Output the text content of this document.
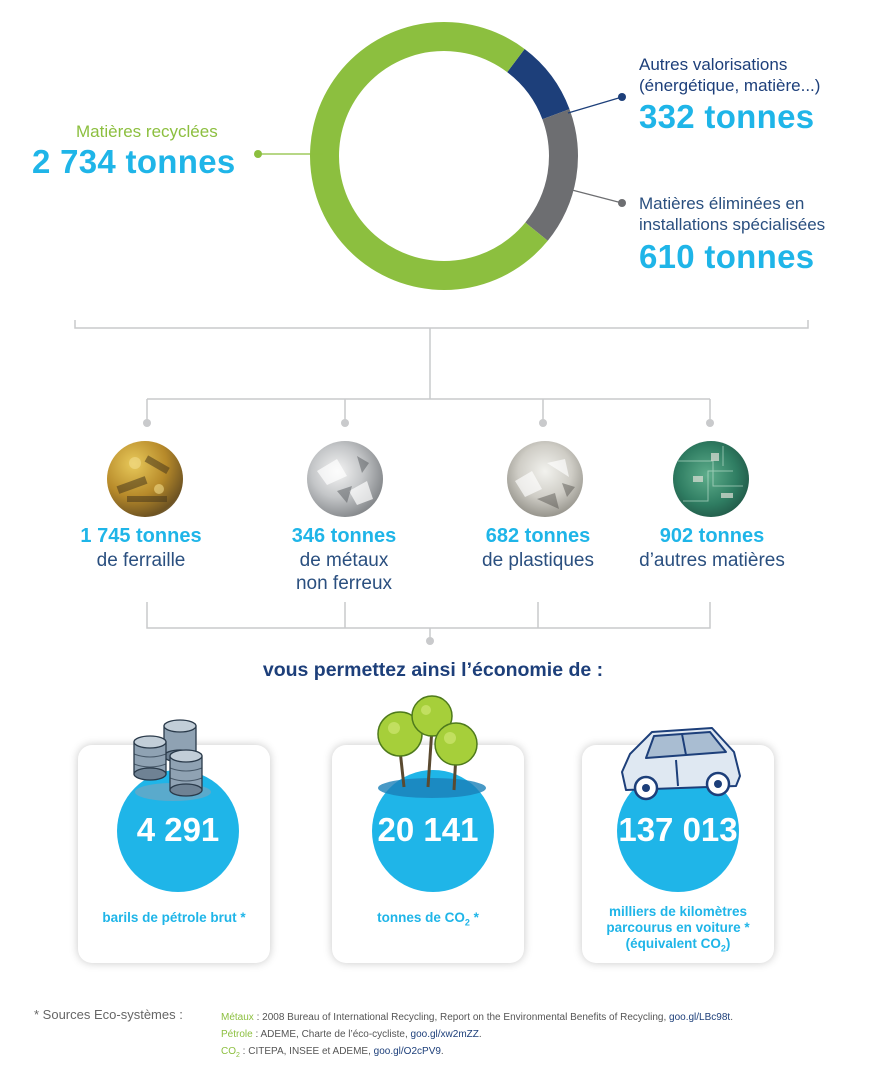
Matières recyclées
2 734 tonnes
Autres valorisations
(énergétique, matière...)
332 tonnes
Matières éliminées en
installations spécialisées
610 tonnes
1 745 tonnes
de ferraille
346 tonnes
de métaux
non ferreux
682 tonnes
de plastiques
902 tonnes
d’autres matières
vous permettez ainsi l’économie de :
4 291
barils de pétrole brut *
20 141
tonnes de $CO_2$ *
137 013
milliers de kilomètres
parcourus en voiture *
(équivalent $CO_2$)
* Sources Eco-systèmes :	Métaux : 2008 Bureau of International Recycling, Report on the Environmental Benefits of Recycling, goo.gl/LBc98t.
Pétrole : ADEME, Charte de l’éco-cycliste, goo.gl/xw2mZZ.
$CO_2$ : CITEPA, INSEE et ADEME, goo.gl/O2cPV9.
